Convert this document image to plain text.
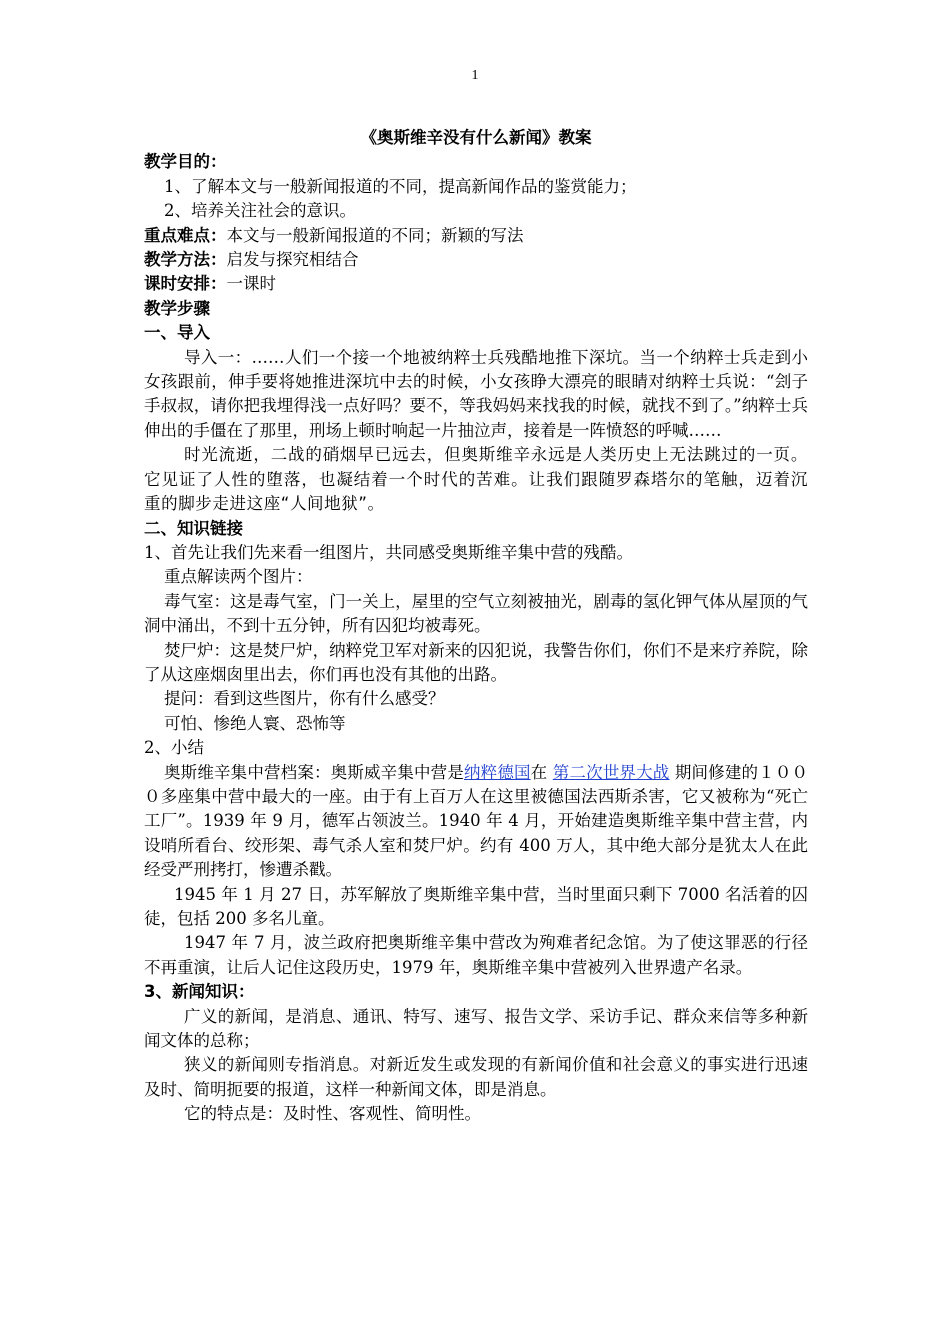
1

《奥斯维辛没有什么新闻》教案

教学目的：

1、了解本文与一般新闻报道的不同，提高新闻作品的鉴赏能力；

2、培养关注社会的意识。

重点难点：本文与一般新闻报道的不同；新颖的写法

教学方法：启发与探究相结合

课时安排：一课时

教学步骤

一、导入

导入一：……人们一个接一个地被纳粹士兵残酷地推下深坑。当一个纳粹士兵走到小女孩跟前，伸手要将她推进深坑中去的时候，小女孩睁大漂亮的眼睛对纳粹士兵说：“刽子手叔叔，请你把我埋得浅一点好吗？要不，等我妈妈来找我的时候，就找不到了。”纳粹士兵伸出的手僵在了那里，刑场上顿时响起一片抽泣声，接着是一阵愤怒的呼喊……

时光流逝，二战的硝烟早已远去，但奥斯维辛永远是人类历史上无法跳过的一页。它见证了人性的堕落，也凝结着一个时代的苦难。让我们跟随罗森塔尔的笔触，迈着沉重的脚步走进这座“人间地狱”。

二、知识链接

1、首先让我们先来看一组图片，共同感受奥斯维辛集中营的残酷。

重点解读两个图片：

毒气室：这是毒气室，门一关上，屋里的空气立刻被抽光，剧毒的氢化钾气体从屋顶的气洞中涌出，不到十五分钟，所有囚犯均被毒死。

焚尸炉：这是焚尸炉，纳粹党卫军对新来的囚犯说，我警告你们，你们不是来疗养院，除了从这座烟囱里出去，你们再也没有其他的出路。

提问：看到这些图片，你有什么感受？

可怕、惨绝人寰、恐怖等

2、小结

奥斯维辛集中营档案：奥斯威辛集中营是纳粹德国在 第二次世界大战 期间修建的１０００多座集中营中最大的一座。由于有上百万人在这里被德国法西斯杀害，它又被称为“死亡工厂”。1939 年 9 月，德军占领波兰。1940 年 4 月，开始建造奥斯维辛集中营主营，内设哨所看台、绞形架、毒气杀人室和焚尸炉。约有 400 万人，其中绝大部分是犹太人在此经受严刑拷打，惨遭杀戳。

1945 年 1 月 27 日，苏军解放了奥斯维辛集中营，当时里面只剩下 7000 名活着的囚徒，包括 200 多名儿童。

1947 年 7 月，波兰政府把奥斯维辛集中营改为殉难者纪念馆。为了使这罪恶的行径不再重演，让后人记住这段历史，1979 年，奥斯维辛集中营被列入世界遗产名录。

3、新闻知识：

广义的新闻，是消息、通讯、特写、速写、报告文学、采访手记、群众来信等多种新闻文体的总称；

狭义的新闻则专指消息。对新近发生或发现的有新闻价值和社会意义的事实进行迅速及时、简明扼要的报道，这样一种新闻文体，即是消息。

它的特点是：及时性、客观性、简明性。
